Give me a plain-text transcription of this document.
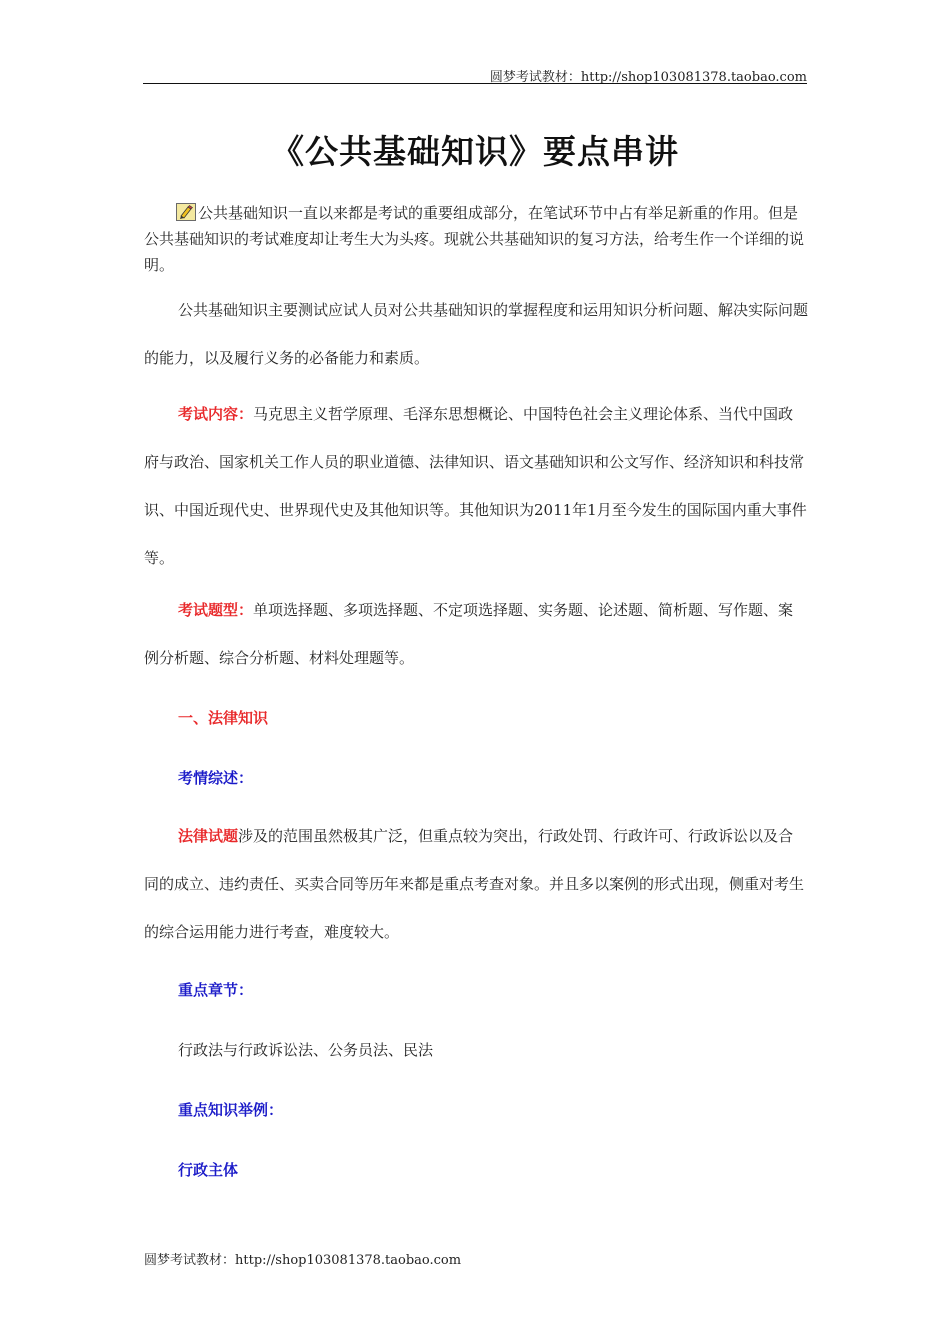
圆梦考试教材：http://shop103081378.taobao.com
《公共基础知识》要点串讲

公共基础知识一直以来都是考试的重要组成部分，在笔试环节中占有举足新重的作用。但是公共基础知识的考试难度却让考生大为头疼。现就公共基础知识的复习方法，给考生作一个详细的说明。

公共基础知识主要测试应试人员对公共基础知识的掌握程度和运用知识分析问题、解决实际问题的能力，以及履行义务的必备能力和素质。

考试内容：马克思主义哲学原理、毛泽东思想概论、中国特色社会主义理论体系、当代中国政府与政治、国家机关工作人员的职业道德、法律知识、语文基础知识和公文写作、经济知识和科技常识、中国近现代史、世界现代史及其他知识等。其他知识为2011年1月至今发生的国际国内重大事件等。

考试题型：单项选择题、多项选择题、不定项选择题、实务题、论述题、简析题、写作题、案例分析题、综合分析题、材料处理题等。

一、法律知识
考情综述：

法律试题涉及的范围虽然极其广泛，但重点较为突出，行政处罚、行政许可、行政诉讼以及合同的成立、违约责任、买卖合同等历年来都是重点考查对象。并且多以案例的形式出现，侧重对考生的综合运用能力进行考查，难度较大。

重点章节：
行政法与行政诉讼法、公务员法、民法
重点知识举例：
行政主体
圆梦考试教材：http://shop103081378.taobao.com
